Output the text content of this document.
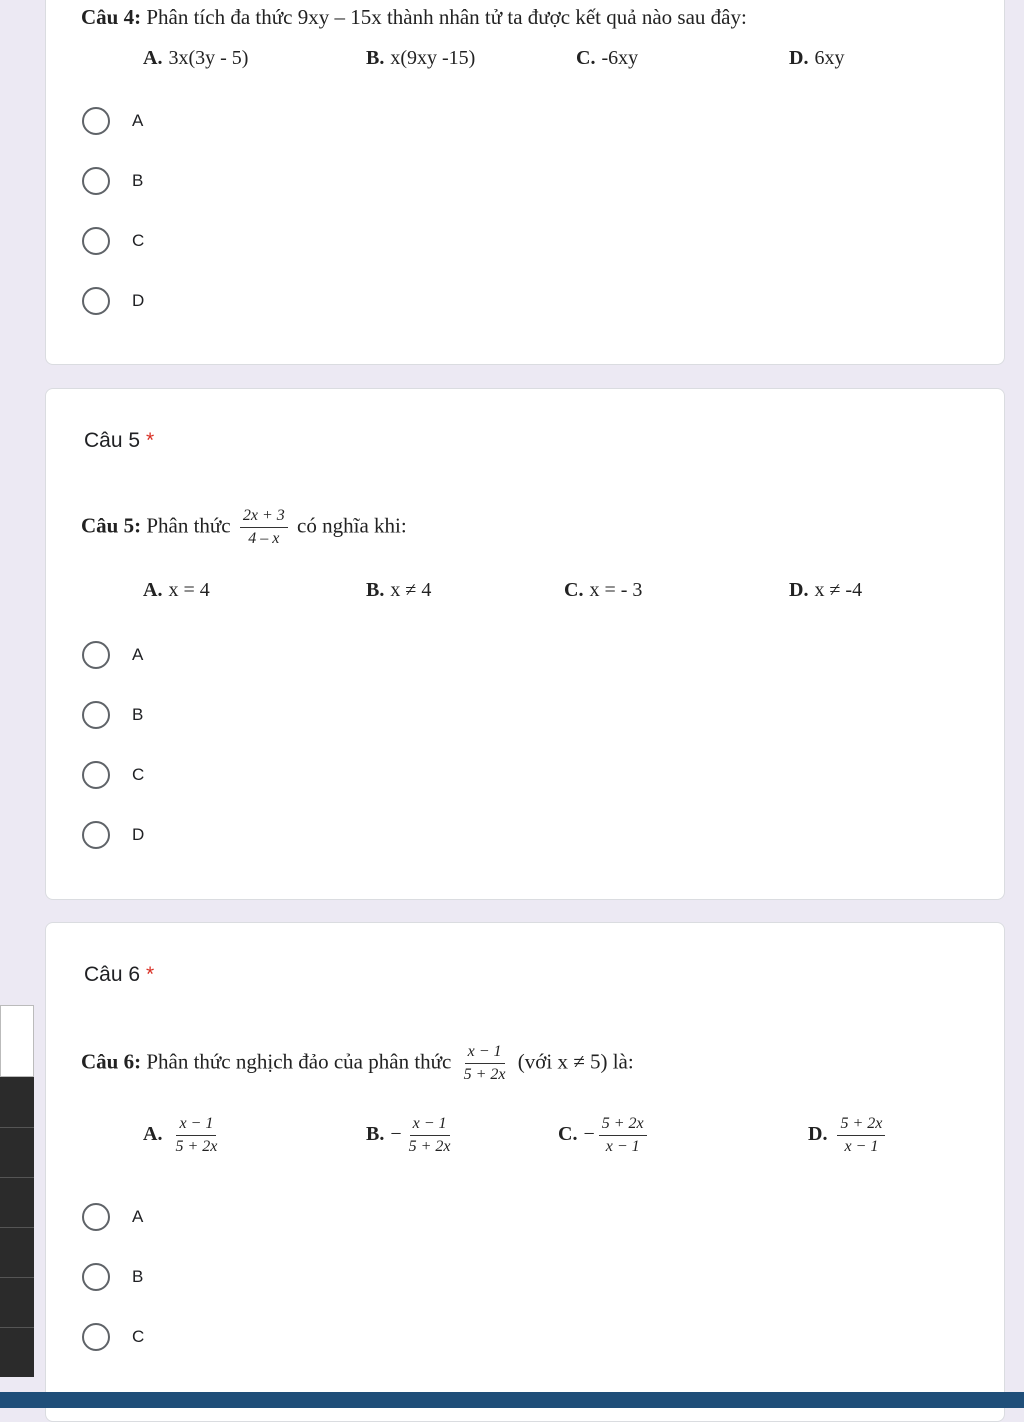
Câu 4: Phân tích đa thức 9xy – 15x thành nhân tử ta được kết quả nào sau đây:
A. 3x(3y - 5)	B. x(9xy -15)	C. -6xy	D. 6xy
A
B
C
D
Câu 5 *
Câu 5: Phân thức $\frac{2x + 3}{4 - x}$ có nghĩa khi:
A. x = 4	B. x ≠ 4	C. x = - 3	D. x ≠ -4
A
B
C
D
Câu 6 *
Câu 6: Phân thức nghịch đảo của phân thức $\frac{x - 1}{5 + 2x}$ (với x ≠ 5) là:
A. $\frac{x - 1}{5 + 2x}$	B. − $\frac{x - 1}{5 + 2x}$	C. − $\frac{5 + 2x}{x - 1}$	D. $\frac{5 + 2x}{x - 1}$
A
B
C
